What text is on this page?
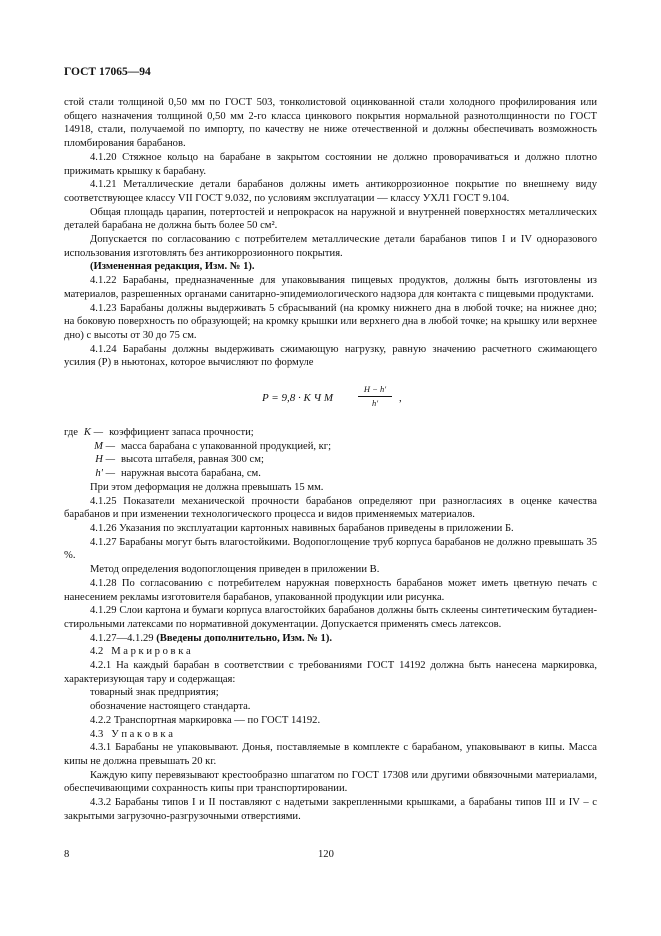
ГОСТ 17065—94

стой стали толщиной 0,50 мм по ГОСТ 503, тонколистовой оцинкованной стали холодного профилирования или общего назначения толщиной 0,50 мм 2-го класса цинкового покрытия нормальной разнотолщинности по ГОСТ 14918, стали, получаемой по импорту, по качеству не ниже отечественной и должны обеспечивать возможность пломбирования барабанов.

4.1.20 Стяжное кольцо на барабане в закрытом состоянии не должно проворачиваться и должно плотно прижимать крышку к барабану.

4.1.21 Металлические детали барабанов должны иметь антикоррозионное покрытие по внешнему виду соответствующее классу VII ГОСТ 9.032, по условиям эксплуатации — классу УХЛ1 ГОСТ 9.104.

Общая площадь царапин, потертостей и непрокрасок на наружной и внутренней поверхностях металлических деталей барабана не должна быть более 50 см².

Допускается по согласованию с потребителем металлические детали барабанов типов I и IV одноразового использования изготовлять без антикоррозионного покрытия.

(Измененная редакция, Изм. № 1).

4.1.22 Барабаны, предназначенные для упаковывания пищевых продуктов, должны быть изготовлены из материалов, разрешенных органами санитарно-эпидемиологического надзора для контакта с пищевыми продуктами.

4.1.23 Барабаны должны выдерживать 5 сбрасываний (на кромку нижнего дна в любой точке; на нижнее дно; на боковую поверхность по образующей; на кромку крышки или верхнего дна в любой точке; на крышку или верхнее дно) с высоты от 30 до 75 см.

4.1.24 Барабаны должны выдерживать сжимающую нагрузку, равную значению расчетного сжимающего усилия (P) в ньютонах, которое вычисляют по формуле

P = 9,8 · K Ч M	$\frac{H - h'}{h'}$ ,
где K — коэффициент запаса прочности;
M — масса барабана с упакованной продукцией, кг;
H — высота штабеля, равная 300 см;
h' — наружная высота барабана, см.

При этом деформация не должна превышать 15 мм.

4.1.25 Показатели механической прочности барабанов определяют при разногласиях в оценке качества барабанов и при изменении технологического процесса и видов применяемых материалов.

4.1.26 Указания по эксплуатации картонных навивных барабанов приведены в приложении Б.

4.1.27 Барабаны могут быть влагостойкими. Водопоглощение труб корпуса барабанов не должно превышать 35 %.

Метод определения водопоглощения приведен в приложении В.

4.1.28 По согласованию с потребителем наружная поверхность барабанов может иметь цветную печать с нанесением рекламы изготовителя барабанов, упакованной продукции или рисунка.

4.1.29 Слои картона и бумаги корпуса влагостойких барабанов должны быть склеены синтетическим бутадиен-стирольными латексами по нормативной документации. Допускается применять смесь латексов.

4.1.27—4.1.29 (Введены дополнительно, Изм. № 1).

4.2   М а р к и р о в к а

4.2.1 На каждый барабан в соответствии с требованиями ГОСТ 14192 должна быть нанесена маркировка, характеризующая тару и содержащая:

товарный знак предприятия;

обозначение настоящего стандарта.

4.2.2 Транспортная маркировка — по ГОСТ 14192.

4.3   У п а к о в к а

4.3.1 Барабаны не упаковывают. Донья, поставляемые в комплекте с барабаном, упаковывают в кипы. Масса кипы не должна превышать 20 кг.

Каждую кипу перевязывают крестообразно шпагатом по ГОСТ 17308 или другими обвязочными материалами, обеспечивающими сохранность кипы при транспортировании.

4.3.2 Барабаны типов I и II поставляют с надетыми закрепленными крышками, а барабаны типов III и IV – с закрытыми загрузочно-разгрузочными отверстиями.

8	120
